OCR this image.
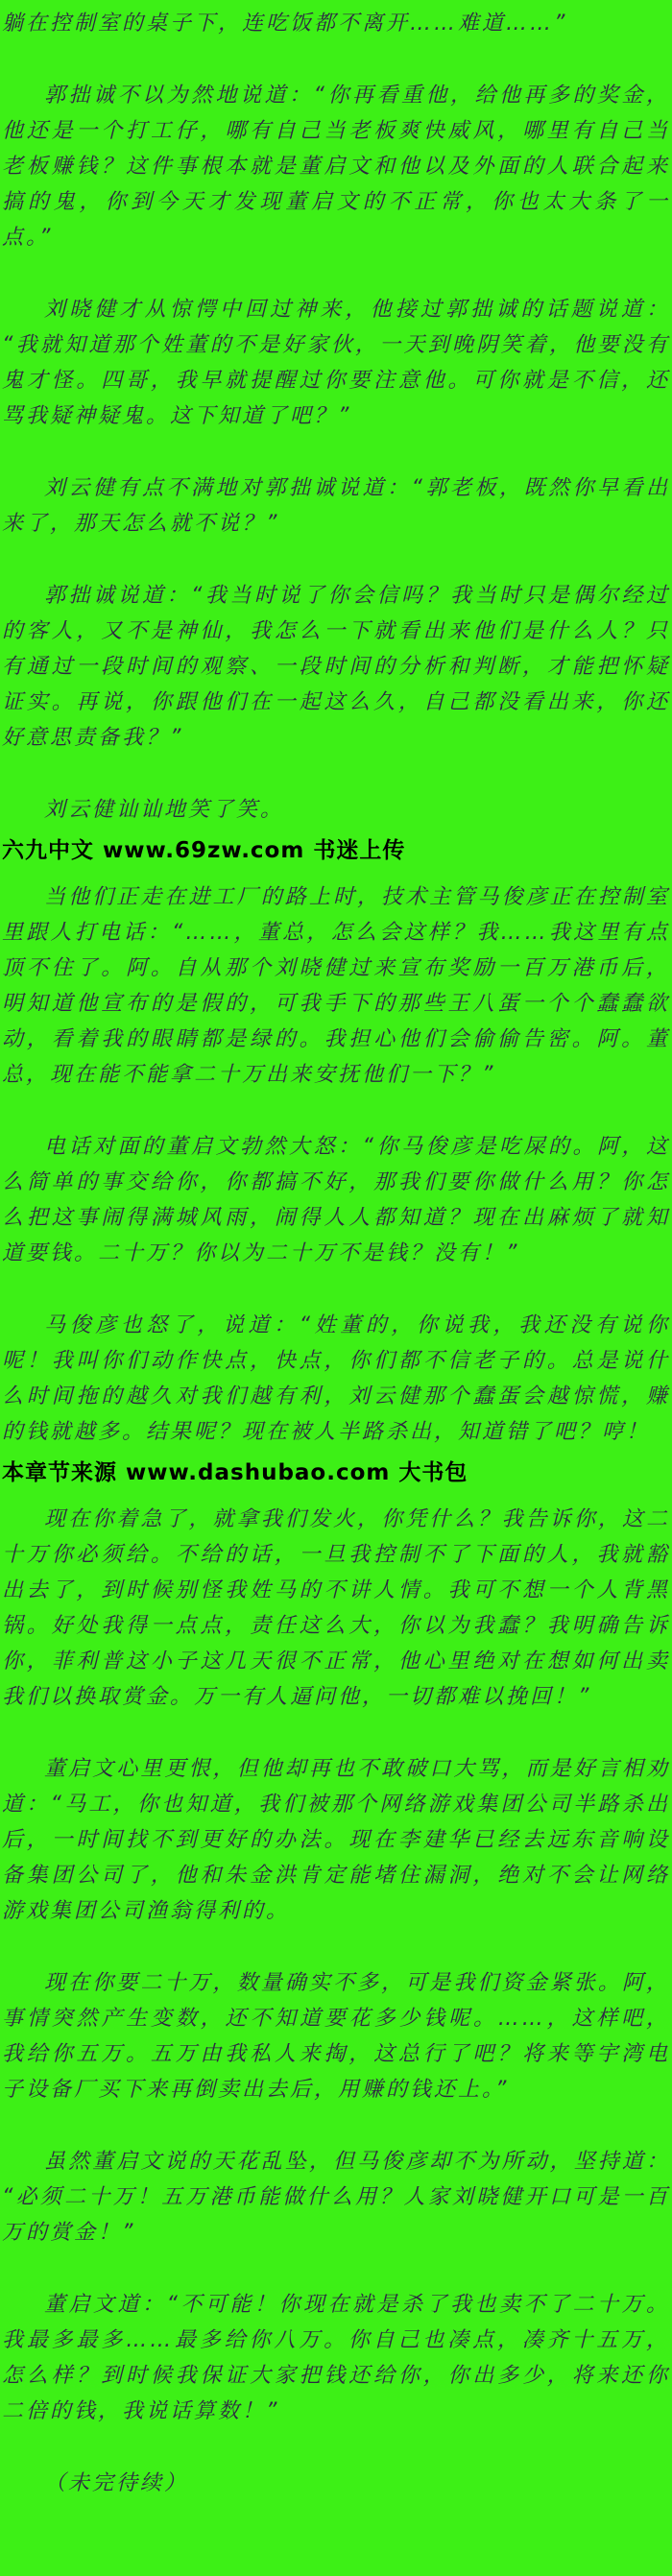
躺在控制室的桌子下，连吃饭都不离开……难道……”

郭拙诚不以为然地说道：“你再看重他，给他再多的奖金，他还是一个打工仔，哪有自己当老板爽快威风，哪里有自己当老板赚钱？这件事根本就是董启文和他以及外面的人联合起来搞的鬼，你到今天才发现董启文的不正常，你也太大条了一点。”

刘晓健才从惊愕中回过神来，他接过郭拙诚的话题说道：“我就知道那个姓董的不是好家伙，一天到晚阴笑着，他要没有鬼才怪。四哥，我早就提醒过你要注意他。可你就是不信，还骂我疑神疑鬼。这下知道了吧？”

刘云健有点不满地对郭拙诚说道：“郭老板，既然你早看出来了，那天怎么就不说？”

郭拙诚说道：“我当时说了你会信吗？我当时只是偶尔经过的客人，又不是神仙，我怎么一下就看出来他们是什么人？只有通过一段时间的观察、一段时间的分析和判断，才能把怀疑证实。再说，你跟他们在一起这么久，自己都没看出来，你还好意思责备我？”

刘云健讪讪地笑了笑。

六九中文 www.69zw.com 书迷上传

当他们正走在进工厂的路上时，技术主管马俊彦正在控制室里跟人打电话：“……，董总，怎么会这样？我……我这里有点顶不住了。阿。自从那个刘晓健过来宣布奖励一百万港币后，明知道他宣布的是假的，可我手下的那些王八蛋一个个蠢蠢欲动，看着我的眼睛都是绿的。我担心他们会偷偷告密。阿。董总，现在能不能拿二十万出来安抚他们一下？”

电话对面的董启文勃然大怒：“你马俊彦是吃屎的。阿，这么简单的事交给你，你都搞不好，那我们要你做什么用？你怎么把这事闹得满城风雨，闹得人人都知道？现在出麻烦了就知道要钱。二十万？你以为二十万不是钱？没有！”

马俊彦也怒了，说道：“姓董的，你说我，我还没有说你呢！我叫你们动作快点，快点，你们都不信老子的。总是说什么时间拖的越久对我们越有利，刘云健那个蠢蛋会越惊慌，赚的钱就越多。结果呢？现在被人半路杀出，知道错了吧？哼！

本章节来源 www.dashubao.com 大书包

现在你着急了，就拿我们发火，你凭什么？我告诉你，这二十万你必须给。不给的话，一旦我控制不了下面的人，我就豁出去了，到时候别怪我姓马的不讲人情。我可不想一个人背黑锅。好处我得一点点，责任这么大，你以为我蠢？我明确告诉你，菲利普这小子这几天很不正常，他心里绝对在想如何出卖我们以换取赏金。万一有人逼问他，一切都难以挽回！”

董启文心里更恨，但他却再也不敢破口大骂，而是好言相劝道：“马工，你也知道，我们被那个网络游戏集团公司半路杀出后，一时间找不到更好的办法。现在李建华已经去远东音响设备集团公司了，他和朱金洪肯定能堵住漏洞，绝对不会让网络游戏集团公司渔翁得利的。

现在你要二十万，数量确实不多，可是我们资金紧张。阿，事情突然产生变数，还不知道要花多少钱呢。……，这样吧，我给你五万。五万由我私人来掏，这总行了吧？将来等宇湾电子设备厂买下来再倒卖出去后，用赚的钱还上。”

虽然董启文说的天花乱坠，但马俊彦却不为所动，坚持道：“必须二十万！五万港币能做什么用？人家刘晓健开口可是一百万的赏金！”

董启文道：“不可能！你现在就是杀了我也卖不了二十万。我最多最多……最多给你八万。你自己也凑点，凑齐十五万，怎么样？到时候我保证大家把钱还给你，你出多少，将来还你二倍的钱，我说话算数！”

（未完待续）
